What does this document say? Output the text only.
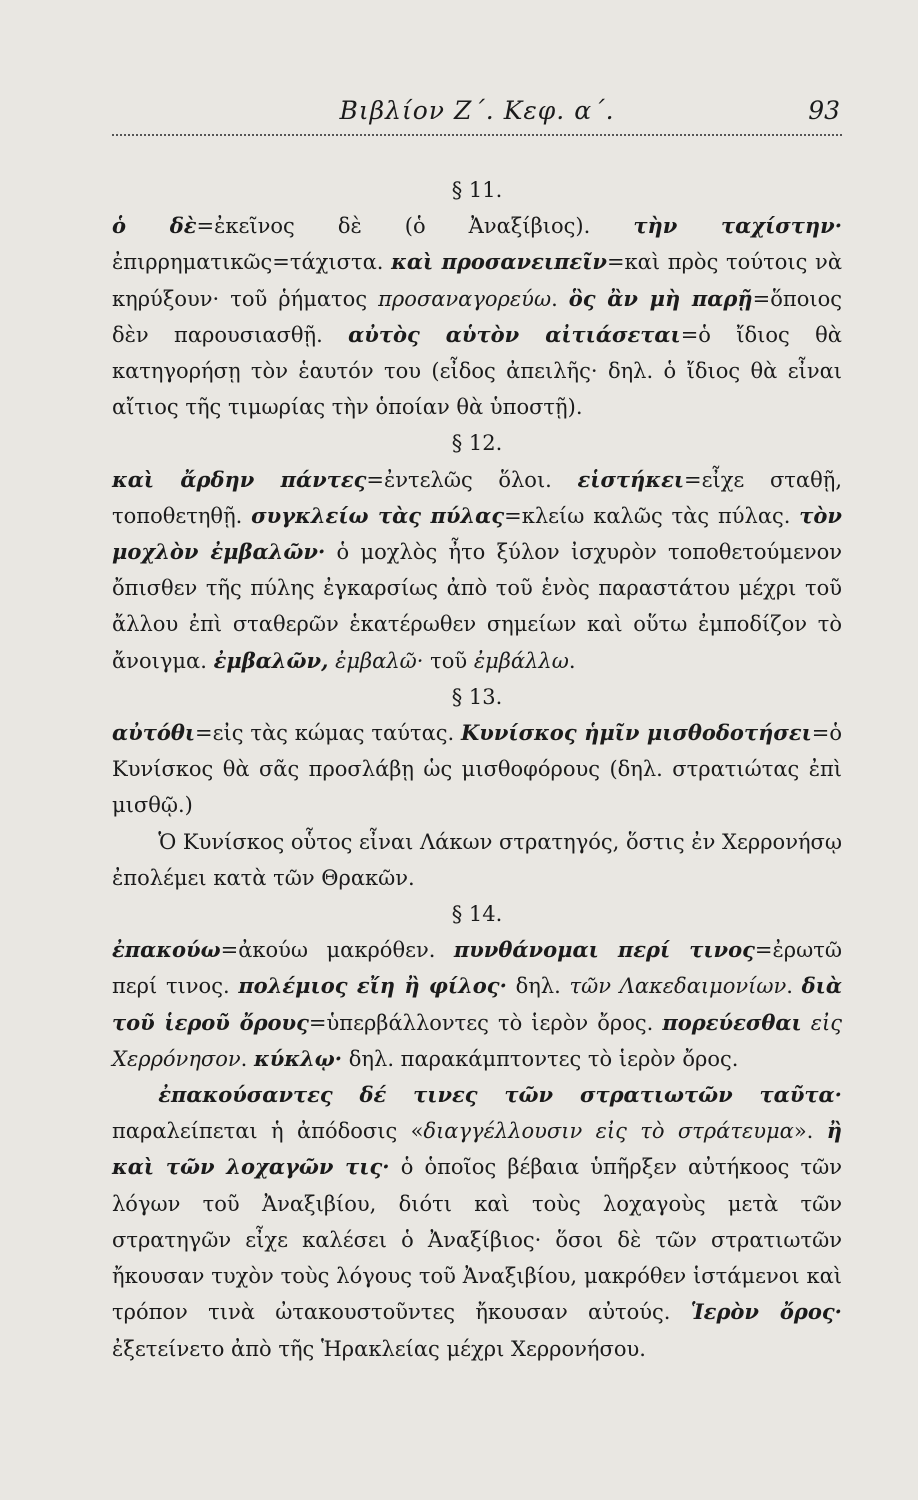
Βιβλίον Ζ΄. Κεφ. α΄.	93

§ 11.

ὁ δὲ=ἐκεῖνος δὲ (ὁ Ἀναξίβιος). τὴν ταχίστην· ἐπιρρηματικῶς=τάχιστα. καὶ προσανειπεῖν=καὶ πρὸς τούτοις νὰ κηρύξουν· τοῦ ῥήματος προσαναγορεύω. ὃς ἂν μὴ παρῇ=ὅποιος δὲν παρουσιασθῇ. αὐτὸς αὑτὸν αἰτιάσεται=ὁ ἴδιος θὰ κατηγορήσῃ τὸν ἑαυτόν του (εἶδος ἀπειλῆς· δηλ. ὁ ἴδιος θὰ εἶναι αἴτιος τῆς τιμωρίας τὴν ὁποίαν θὰ ὑποστῇ).

§ 12.

καὶ ἄρδην πάντες=ἐντελῶς ὅλοι. εἱστήκει=εἶχε σταθῇ, τοποθετηθῇ. συγκλείω τὰς πύλας=κλείω καλῶς τὰς πύλας. τὸν μοχλὸν ἐμβαλῶν· ὁ μοχλὸς ἦτο ξύλον ἰσχυρὸν τοποθετούμενον ὄπισθεν τῆς πύλης ἐγκαρσίως ἀπὸ τοῦ ἑνὸς παραστάτου μέχρι τοῦ ἄλλου ἐπὶ σταθερῶν ἑκατέρωθεν σημείων καὶ οὕτω ἐμποδίζον τὸ ἄνοιγμα. ἐμβαλῶν, ἐμβαλῶ· τοῦ ἐμβάλλω.

§ 13.

αὐτόθι=εἰς τὰς κώμας ταύτας. Κυνίσκος ἡμῖν μισθοδοτήσει=ὁ Κυνίσκος θὰ σᾶς προσλάβῃ ὡς μισθοφόρους (δηλ. στρατιώτας ἐπὶ μισθῷ.)

Ὁ Κυνίσκος οὗτος εἶναι Λάκων στρατηγός, ὅστις ἐν Χερρονήσῳ ἐπολέμει κατὰ τῶν Θρακῶν.

§ 14.

ἐπακούω=ἀκούω μακρόθεν. πυνθάνομαι περί τινος=ἐρωτῶ περί τινος. πολέμιος εἴη ἢ φίλος· δηλ. τῶν Λακεδαιμονίων. διὰ τοῦ ἱεροῦ ὄρους=ὑπερβάλλοντες τὸ ἱερὸν ὄρος. πορεύεσθαι εἰς Χερρόνησον. κύκλῳ· δηλ. παρακάμπτοντες τὸ ἱερὸν ὄρος.

ἐπακούσαντες δέ τινες τῶν στρατιωτῶν ταῦτα· παραλείπεται ἡ ἀπόδοσις «διαγγέλλουσιν εἰς τὸ στράτευμα». ἢ καὶ τῶν λοχαγῶν τις· ὁ ὁποῖος βέβαια ὑπῆρξεν αὐτήκοος τῶν λόγων τοῦ Ἀναξιβίου, διότι καὶ τοὺς λοχαγοὺς μετὰ τῶν στρατηγῶν εἶχε καλέσει ὁ Ἀναξίβιος· ὅσοι δὲ τῶν στρατιωτῶν ἤκουσαν τυχὸν τοὺς λόγους τοῦ Ἀναξιβίου, μακρόθεν ἱστάμενοι καὶ τρόπον τινὰ ὠτακουστοῦντες ἤκουσαν αὐτούς. Ἱερὸν ὄρος· ἐξετείνετο ἀπὸ τῆς Ἡρακλείας μέχρι Χερρονήσου.
